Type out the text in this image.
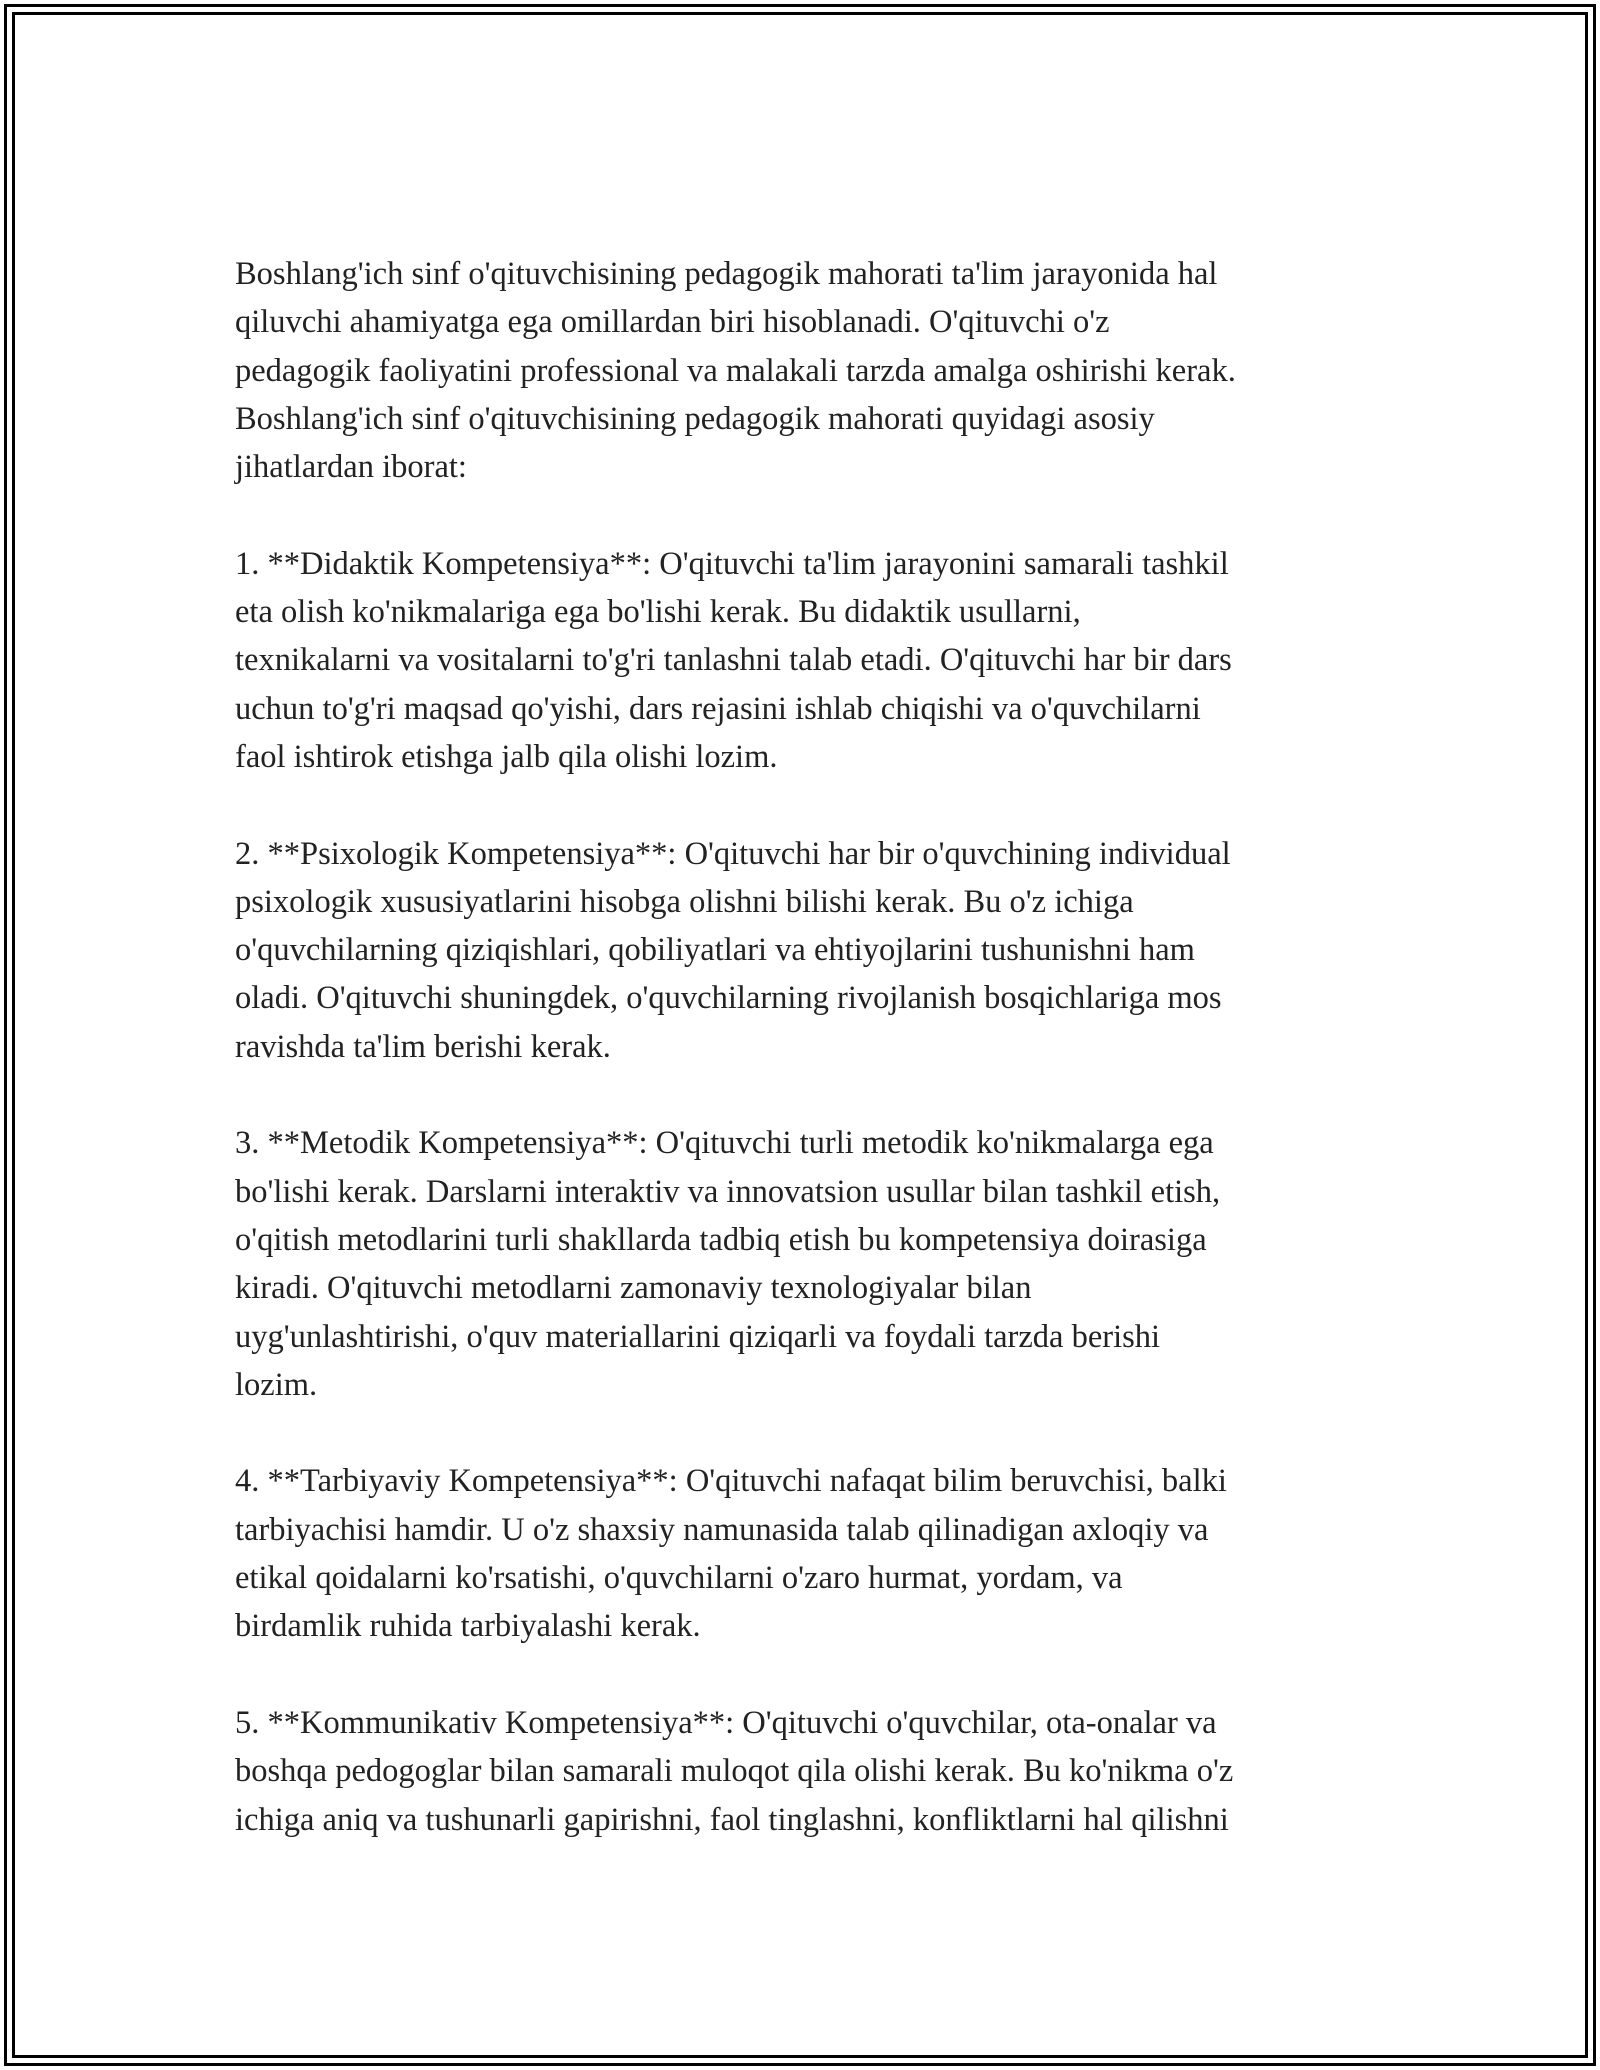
Boshlang'ich sinf o'qituvchisining pedagogik mahorati ta'lim jarayonida hal
qiluvchi ahamiyatga ega omillardan biri hisoblanadi. O'qituvchi o'z
pedagogik faoliyatini professional va malakali tarzda amalga oshirishi kerak.
Boshlang'ich sinf o'qituvchisining pedagogik mahorati quyidagi asosiy
jihatlardan iborat:

1. **Didaktik Kompetensiya**: O'qituvchi ta'lim jarayonini samarali tashkil
eta olish ko'nikmalariga ega bo'lishi kerak. Bu didaktik usullarni,
texnikalarni va vositalarni to'g'ri tanlashni talab etadi. O'qituvchi har bir dars
uchun to'g'ri maqsad qo'yishi, dars rejasini ishlab chiqishi va o'quvchilarni
faol ishtirok etishga jalb qila olishi lozim.

2. **Psixologik Kompetensiya**: O'qituvchi har bir o'quvchining individual
psixologik xususiyatlarini hisobga olishni bilishi kerak. Bu o'z ichiga
o'quvchilarning qiziqishlari, qobiliyatlari va ehtiyojlarini tushunishni ham
oladi. O'qituvchi shuningdek, o'quvchilarning rivojlanish bosqichlariga mos
ravishda ta'lim berishi kerak.

3. **Metodik Kompetensiya**: O'qituvchi turli metodik ko'nikmalarga ega
bo'lishi kerak. Darslarni interaktiv va innovatsion usullar bilan tashkil etish,
o'qitish metodlarini turli shakllarda tadbiq etish bu kompetensiya doirasiga
kiradi. O'qituvchi metodlarni zamonaviy texnologiyalar bilan
uyg'unlashtirishi, o'quv materiallarini qiziqarli va foydali tarzda berishi
lozim.

4. **Tarbiyaviy Kompetensiya**: O'qituvchi nafaqat bilim beruvchisi, balki
tarbiyachisi hamdir. U o'z shaxsiy namunasida talab qilinadigan axloqiy va
etikal qoidalarni ko'rsatishi, o'quvchilarni o'zaro hurmat, yordam, va
birdamlik ruhida tarbiyalashi kerak.

5. **Kommunikativ Kompetensiya**: O'qituvchi o'quvchilar, ota-onalar va
boshqa pedogoglar bilan samarali muloqot qila olishi kerak. Bu ko'nikma o'z
ichiga aniq va tushunarli gapirishni, faol tinglashni, konfliktlarni hal qilishni
